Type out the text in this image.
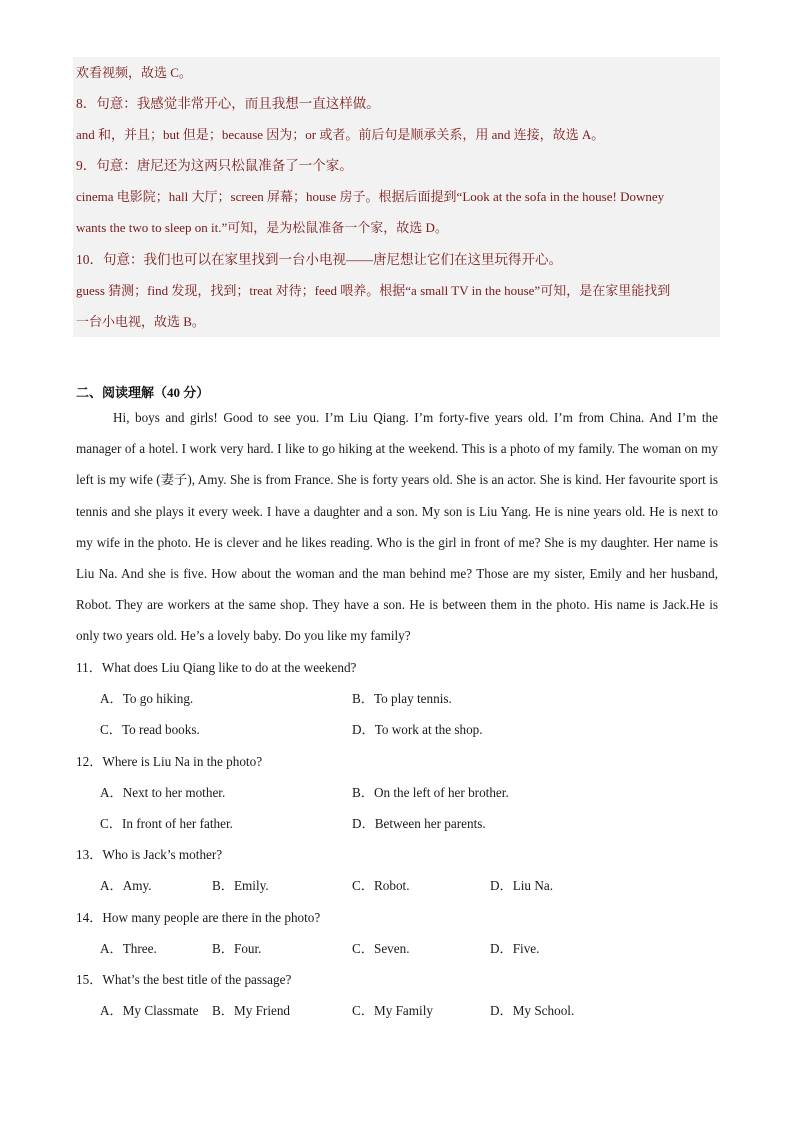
欢看视频，故选 C。
8．句意：我感觉非常开心，而且我想一直这样做。
and 和，并且；but 但是；because 因为；or 或者。前后句是顺承关系，用 and 连接，故选 A。
9．句意：唐尼还为这两只松鼠准备了一个家。
cinema 电影院；hall 大厅；screen 屏幕；house 房子。根据后面提到“Look at the sofa in the house! Downey
wants the two to sleep on it.”可知，是为松鼠准备一个家，故选 D。
10．句意：我们也可以在家里找到一台小电视——唐尼想让它们在这里玩得开心。
guess 猜测；find 发现，找到；treat 对待；feed 喂养。根据“a small TV in the house”可知，是在家里能找到
一台小电视，故选 B。
二、阅读理解（40 分）

Hi, boys and girls! Good to see you. I’m Liu Qiang. I’m forty-five years old. I’m from China. And I’m the manager of a hotel. I work very hard. I like to go hiking at the weekend. This is a photo of my family. The woman on my left is my wife (妻子), Amy. She is from France. She is forty years old. She is an actor. She is kind. Her favourite sport is tennis and she plays it every week. I have a daughter and a son. My son is Liu Yang. He is nine years old. He is next to my wife in the photo. He is clever and he likes reading. Who is the girl in front of me? She is my daughter. Her name is Liu Na. And she is five. How about the woman and the man behind me? Those are my sister, Emily and her husband, Robot. They are workers at the same shop. They have a son. He is between them in the photo. His name is Jack.He is only two years old. He’s a lovely baby. Do you like my family?

11．What does Liu Qiang like to do at the weekend?
A．To go hiking.	B．To play tennis.
C．To read books.	D．To work at the shop.
12．Where is Liu Na in the photo?
A．Next to her mother.	B．On the left of her brother.
C．In front of her father.	D．Between her parents.
13．Who is Jack’s mother?
A．Amy.	B．Emily.	C．Robot.	D．Liu Na.
14．How many people are there in the photo?
A．Three.	B．Four.	C．Seven.	D．Five.
15．What’s the best title of the passage?
A．My Classmate B．My Friend	C．My Family	D．My School.
